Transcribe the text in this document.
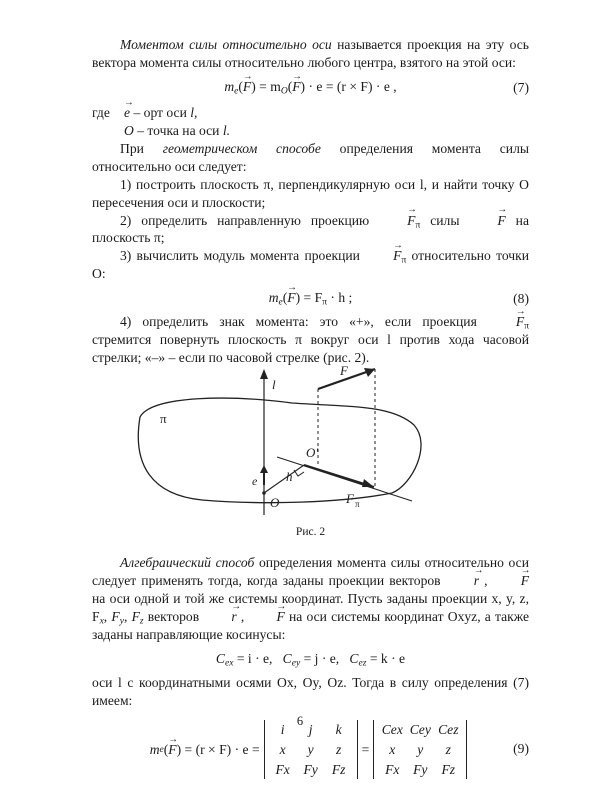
Моментом силы относительно оси называется проекция на эту ось вектора момента силы относительно любого центра, взятого на этой оси:

$m_e(\to F) = m_O(\to F) \cdot e = (r \times F) \cdot e$ ,	(7)
где	→ e – орт оси l,
O – точка на оси l.

При геометрическом способе определения момента силы относительно оси следует:

1) построить плоскость π, перпендикулярную оси l, и найти точку O пересечения оси и плоскости;

2) определить направленную проекцию → $F_\pi$ силы → F на плоскость π;

3) вычислить модуль момента проекции → $F_\pi$ относительно точки O:

$m_e(\to F) = F_\pi \cdot h$ ;	(8)

4) определить знак момента: это «+», если проекция → $F_\pi$ стремится повернуть плоскость π вокруг оси l против хода часовой стрелки; «–» – если по часовой стрелке (рис. 2).

l
π
F
F π
O
O'
h
e
Рис. 2

Алгебраический способ определения момента силы относительно оси следует применять тогда, когда заданы проекции векторов → r , → F на оси одной и той же системы координат. Пусть заданы проекции x, y, z, $F_x$, $F_y$, $F_z$ векторов → r , → F на оси системы координат Oxyz, а также заданы направляющие косинусы:

$C_{ex} = i \cdot e$, $C_{ey} = j \cdot e$, $C_{ez} = k \cdot e$

оси l с координатными осями Ox, Oy, Oz. Тогда в силу определения (7) имеем:

m e ( → F ) = (r × F) · e =
i	j	k
x	y	z
Fx	Fy	Fz
=
Cex Cey Cez
x	y	z
Fx	Fy	Fz
(9)
6
